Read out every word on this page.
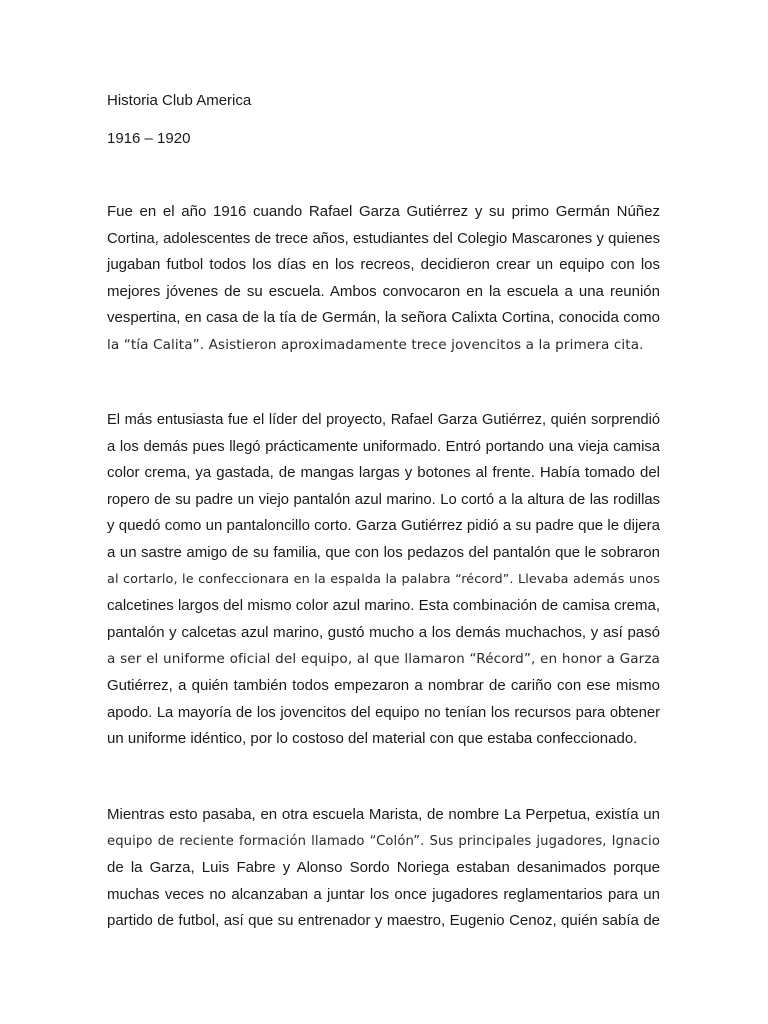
Historia Club America

1916 – 1920

Fue en el año 1916 cuando Rafael Garza Gutiérrez y su primo Germán Núñez
Cortina, adolescentes de trece años, estudiantes del Colegio Mascarones y quienes
jugaban futbol todos los días en los recreos, decidieron crear un equipo con los
mejores jóvenes de su escuela. Ambos convocaron en la escuela a una reunión
vespertina, en casa de la tía de Germán, la señora Calixta Cortina, conocida como
la “tía Calita”. Asistieron aproximadamente trece jovencitos a la primera cita.
El más entusiasta fue el líder del proyecto, Rafael Garza Gutiérrez, quién sorprendió
a los demás pues llegó prácticamente uniformado. Entró portando una vieja camisa
color crema, ya gastada, de mangas largas y botones al frente. Había tomado del
ropero de su padre un viejo pantalón azul marino. Lo cortó a la altura de las rodillas
y quedó como un pantaloncillo corto. Garza Gutiérrez pidió a su padre que le dijera
a un sastre amigo de su familia, que con los pedazos del pantalón que le sobraron
al cortarlo, le confeccionara en la espalda la palabra “récord”. Llevaba además unos
calcetines largos del mismo color azul marino. Esta combinación de camisa crema,
pantalón y calcetas azul marino, gustó mucho a los demás muchachos, y así pasó
a ser el uniforme oficial del equipo, al que llamaron “Récord”, en honor a Garza
Gutiérrez, a quién también todos empezaron a nombrar de cariño con ese mismo
apodo. La mayoría de los jovencitos del equipo no tenían los recursos para obtener
un uniforme idéntico, por lo costoso del material con que estaba confeccionado.
Mientras esto pasaba, en otra escuela Marista, de nombre La Perpetua, existía un
equipo de reciente formación llamado “Colón”. Sus principales jugadores, Ignacio
de la Garza, Luis Fabre y Alonso Sordo Noriega estaban desanimados porque
muchas veces no alcanzaban a juntar los once jugadores reglamentarios para un
partido de futbol, así que su entrenador y maestro, Eugenio Cenoz, quién sabía de
